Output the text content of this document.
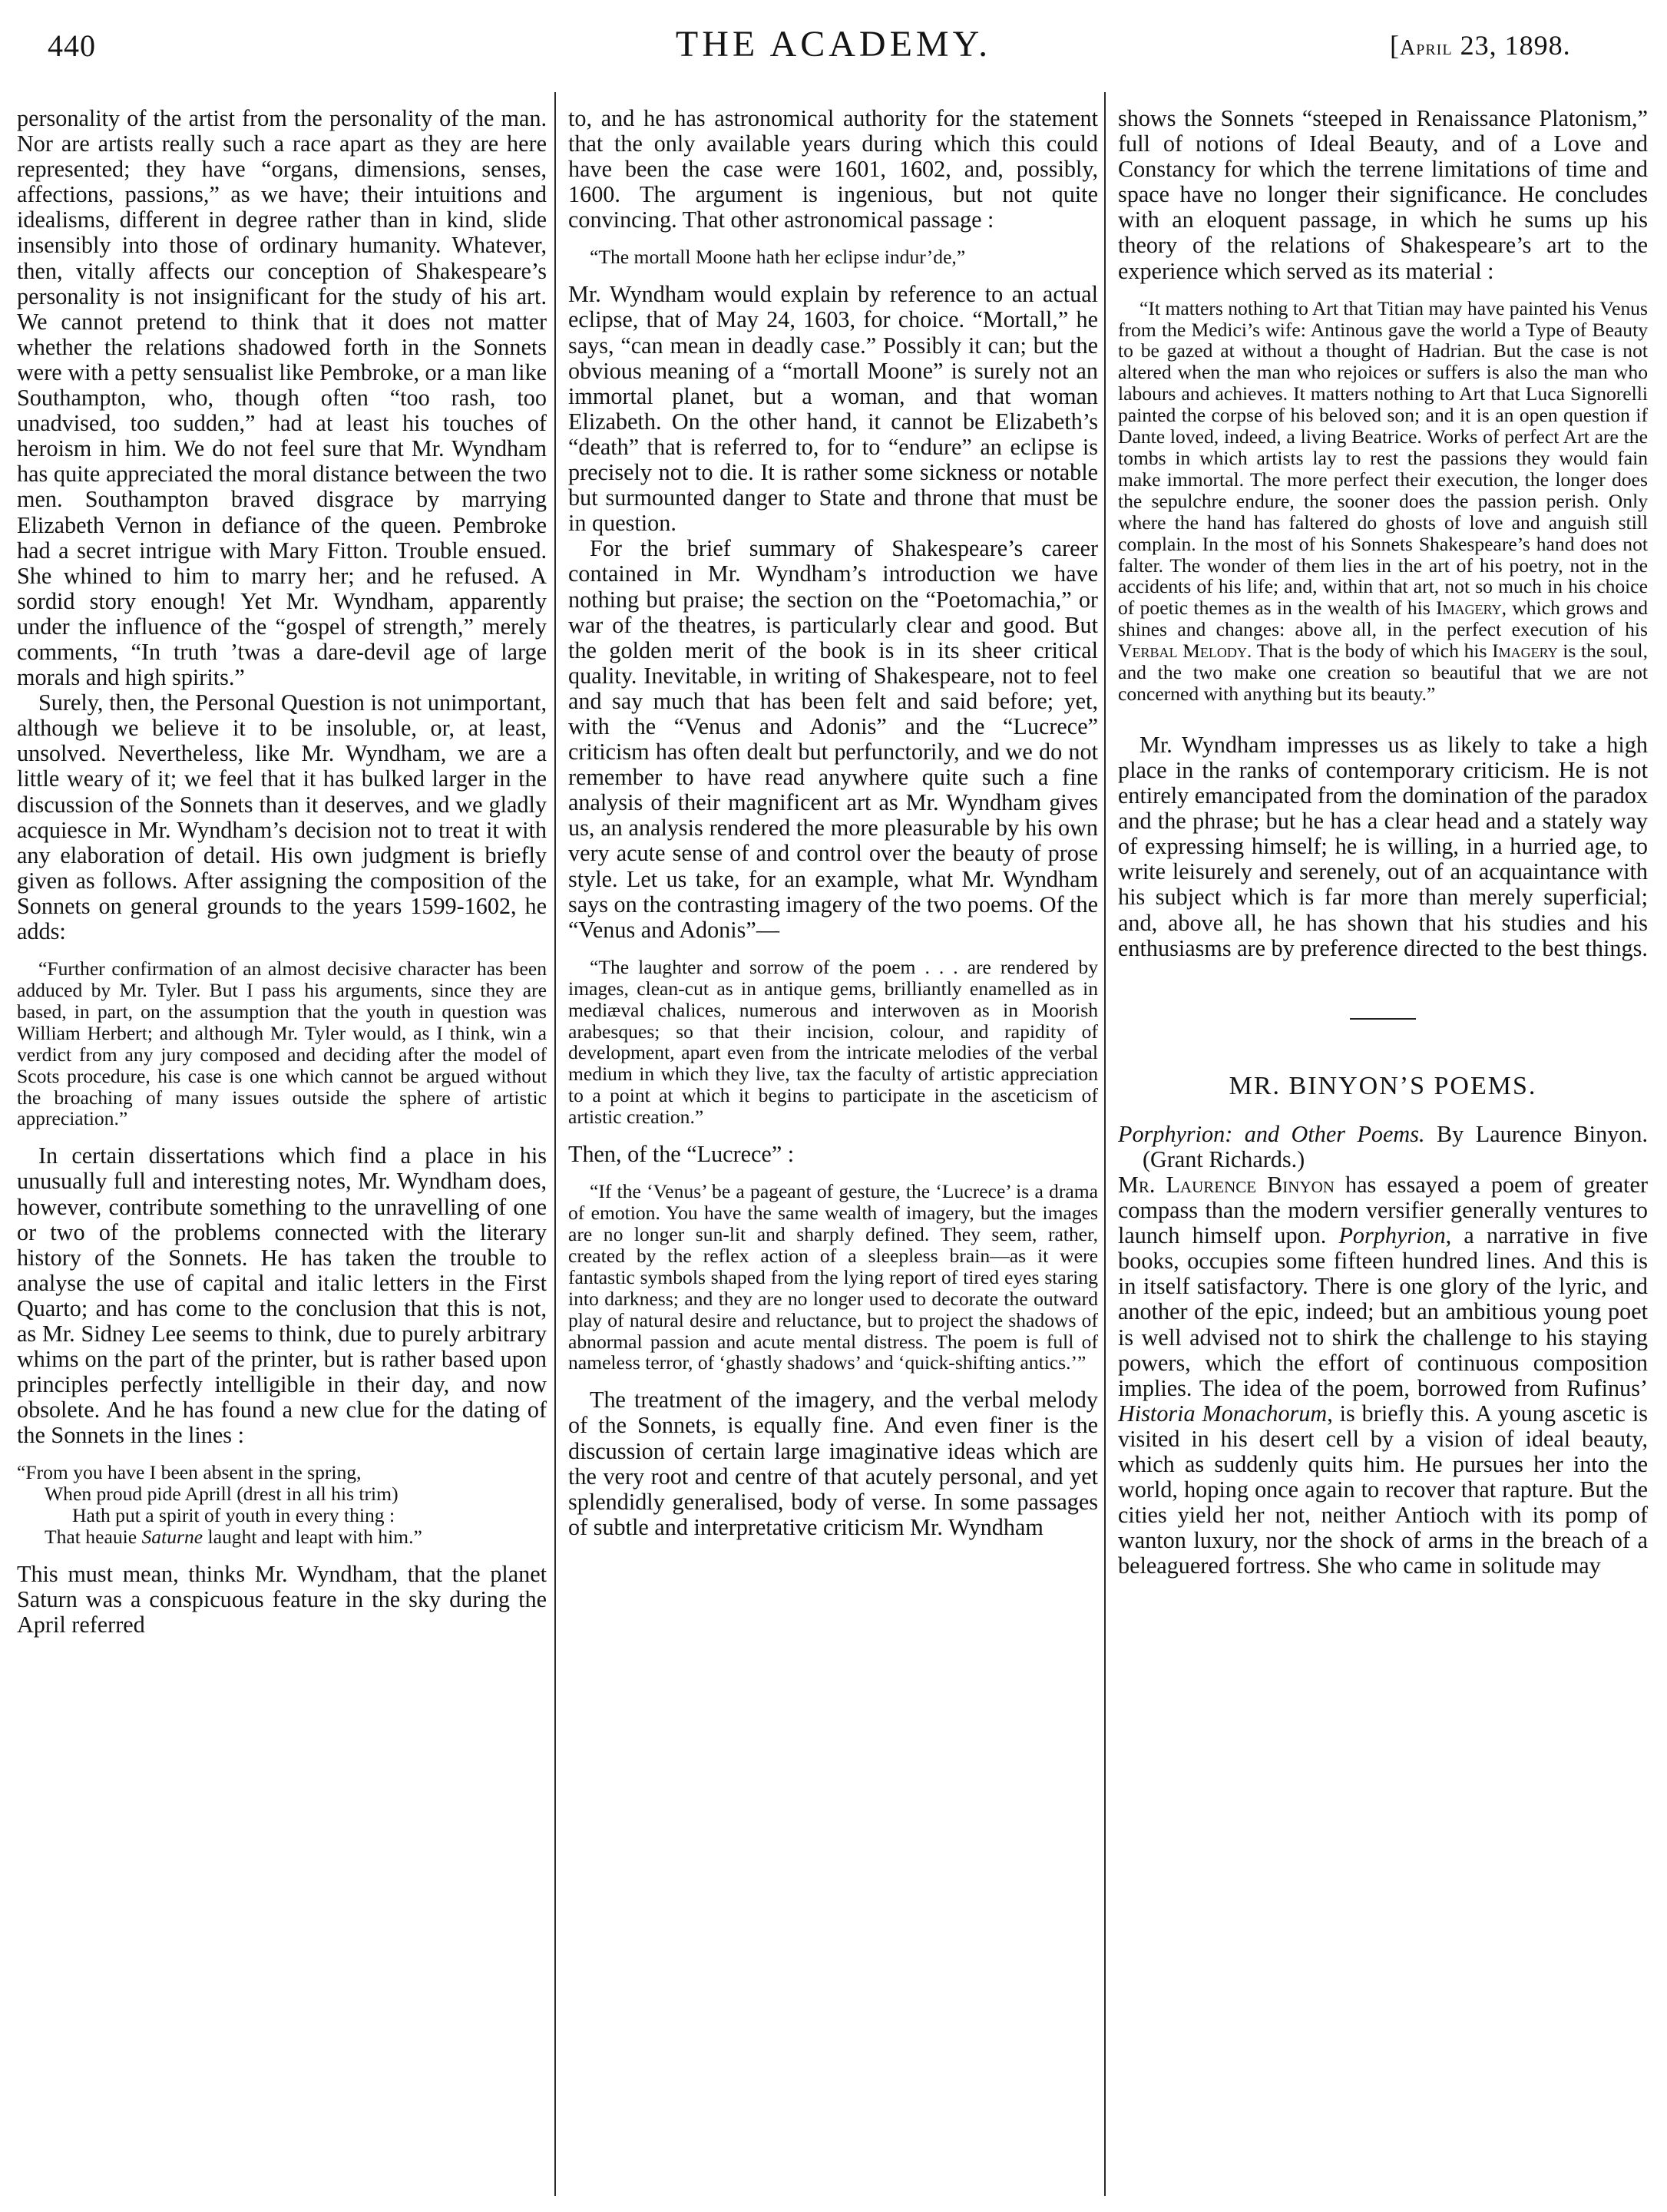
440	THE ACADEMY.	[April 23, 1898.

personality of the artist from the personality of the man. Nor are artists really such a race apart as they are here represented; they have “organs, dimensions, senses, affections, passions,” as we have; their intuitions and idealisms, different in degree rather than in kind, slide insensibly into those of ordinary humanity. Whatever, then, vitally affects our conception of Shakespeare’s personality is not insignificant for the study of his art. We cannot pretend to think that it does not matter whether the relations shadowed forth in the Sonnets were with a petty sensualist like Pembroke, or a man like Southampton, who, though often “too rash, too unadvised, too sudden,” had at least his touches of heroism in him. We do not feel sure that Mr. Wyndham has quite appreciated the moral distance between the two men. Southampton braved disgrace by marrying Elizabeth Vernon in defiance of the queen. Pembroke had a secret intrigue with Mary Fitton. Trouble ensued. She whined to him to marry her; and he refused. A sordid story enough! Yet Mr. Wyndham, apparently under the influence of the “gospel of strength,” merely comments, “In truth ’twas a dare-devil age of large morals and high spirits.”

Surely, then, the Personal Question is not unimportant, although we believe it to be insoluble, or, at least, unsolved. Nevertheless, like Mr. Wyndham, we are a little weary of it; we feel that it has bulked larger in the discussion of the Sonnets than it deserves, and we gladly acquiesce in Mr. Wyndham’s decision not to treat it with any elaboration of detail. His own judgment is briefly given as follows. After assigning the composition of the Sonnets on general grounds to the years 1599-1602, he adds:

“Further confirmation of an almost decisive character has been adduced by Mr. Tyler. But I pass his arguments, since they are based, in part, on the assumption that the youth in question was William Herbert; and although Mr. Tyler would, as I think, win a verdict from any jury composed and deciding after the model of Scots procedure, his case is one which cannot be argued without the broaching of many issues outside the sphere of artistic appreciation.”

In certain dissertations which find a place in his unusually full and interesting notes, Mr. Wyndham does, however, contribute something to the unravelling of one or two of the problems connected with the literary history of the Sonnets. He has taken the trouble to analyse the use of capital and italic letters in the First Quarto; and has come to the conclusion that this is not, as Mr. Sidney Lee seems to think, due to purely arbitrary whims on the part of the printer, but is rather based upon principles perfectly intelligible in their day, and now obsolete. And he has found a new clue for the dating of the Sonnets in the lines :

“From you have I been absent in the spring,

When proud pide Aprill (drest in all his trim)

Hath put a spirit of youth in every thing :

That heauie Saturne laught and leapt with him.”

This must mean, thinks Mr. Wyndham, that the planet Saturn was a conspicuous feature in the sky during the April referred

to, and he has astronomical authority for the statement that the only available years during which this could have been the case were 1601, 1602, and, possibly, 1600. The argument is ingenious, but not quite convincing. That other astronomical passage :

“The mortall Moone hath her eclipse indur’de,”

Mr. Wyndham would explain by reference to an actual eclipse, that of May 24, 1603, for choice. “Mortall,” he says, “can mean in deadly case.” Possibly it can; but the obvious meaning of a “mortall Moone” is surely not an immortal planet, but a woman, and that woman Elizabeth. On the other hand, it cannot be Elizabeth’s “death” that is referred to, for to “endure” an eclipse is precisely not to die. It is rather some sickness or notable but surmounted danger to State and throne that must be in question.

For the brief summary of Shakespeare’s career contained in Mr. Wyndham’s introduction we have nothing but praise; the section on the “Poetomachia,” or war of the theatres, is particularly clear and good. But the golden merit of the book is in its sheer critical quality. Inevitable, in writing of Shakespeare, not to feel and say much that has been felt and said before; yet, with the “Venus and Adonis” and the “Lucrece” criticism has often dealt but perfunctorily, and we do not remember to have read anywhere quite such a fine analysis of their magnificent art as Mr. Wyndham gives us, an analysis rendered the more pleasurable by his own very acute sense of and control over the beauty of prose style. Let us take, for an example, what Mr. Wyndham says on the contrasting imagery of the two poems. Of the “Venus and Adonis”—

“The laughter and sorrow of the poem . . . are rendered by images, clean-cut as in antique gems, brilliantly enamelled as in mediæval chalices, numerous and interwoven as in Moorish arabesques; so that their incision, colour, and rapidity of development, apart even from the intricate melodies of the verbal medium in which they live, tax the faculty of artistic appreciation to a point at which it begins to participate in the asceticism of artistic creation.”

Then, of the “Lucrece” :

“If the ‘Venus’ be a pageant of gesture, the ‘Lucrece’ is a drama of emotion. You have the same wealth of imagery, but the images are no longer sun-lit and sharply defined. They seem, rather, created by the reflex action of a sleepless brain—as it were fantastic symbols shaped from the lying report of tired eyes staring into darkness; and they are no longer used to decorate the outward play of natural desire and reluctance, but to project the shadows of abnormal passion and acute mental distress. The poem is full of nameless terror, of ‘ghastly shadows’ and ‘quick-shifting antics.’”

The treatment of the imagery, and the verbal melody of the Sonnets, is equally fine. And even finer is the discussion of certain large imaginative ideas which are the very root and centre of that acutely personal, and yet splendidly generalised, body of verse. In some passages of subtle and interpretative criticism Mr. Wyndham

shows the Sonnets “steeped in Renaissance Platonism,” full of notions of Ideal Beauty, and of a Love and Constancy for which the terrene limitations of time and space have no longer their significance. He concludes with an eloquent passage, in which he sums up his theory of the relations of Shakespeare’s art to the experience which served as its material :

“It matters nothing to Art that Titian may have painted his Venus from the Medici’s wife: Antinous gave the world a Type of Beauty to be gazed at without a thought of Hadrian. But the case is not altered when the man who rejoices or suffers is also the man who labours and achieves. It matters nothing to Art that Luca Signorelli painted the corpse of his beloved son; and it is an open question if Dante loved, indeed, a living Beatrice. Works of perfect Art are the tombs in which artists lay to rest the passions they would fain make immortal. The more perfect their execution, the longer does the sepulchre endure, the sooner does the passion perish. Only where the hand has faltered do ghosts of love and anguish still complain. In the most of his Sonnets Shakespeare’s hand does not falter. The wonder of them lies in the art of his poetry, not in the accidents of his life; and, within that art, not so much in his choice of poetic themes as in the wealth of his Imagery, which grows and shines and changes: above all, in the perfect execution of his Verbal Melody. That is the body of which his Imagery is the soul, and the two make one creation so beautiful that we are not concerned with anything but its beauty.”

Mr. Wyndham impresses us as likely to take a high place in the ranks of contemporary criticism. He is not entirely emancipated from the domination of the paradox and the phrase; but he has a clear head and a stately way of expressing himself; he is willing, in a hurried age, to write leisurely and serenely, out of an acquaintance with his subject which is far more than merely superficial; and, above all, he has shown that his studies and his enthusiasms are by preference directed to the best things.

MR. BINYON’S POEMS.

Porphyrion: and Other Poems. By Laurence Binyon. (Grant Richards.)

Mr. Laurence Binyon has essayed a poem of greater compass than the modern versifier generally ventures to launch himself upon. Porphyrion, a narrative in five books, occupies some fifteen hundred lines. And this is in itself satisfactory. There is one glory of the lyric, and another of the epic, indeed; but an ambitious young poet is well advised not to shirk the challenge to his staying powers, which the effort of continuous composition implies. The idea of the poem, borrowed from Rufinus’ Historia Monachorum, is briefly this. A young ascetic is visited in his desert cell by a vision of ideal beauty, which as suddenly quits him. He pursues her into the world, hoping once again to recover that rapture. But the cities yield her not, neither Antioch with its pomp of wanton luxury, nor the shock of arms in the breach of a beleaguered fortress. She who came in solitude may
